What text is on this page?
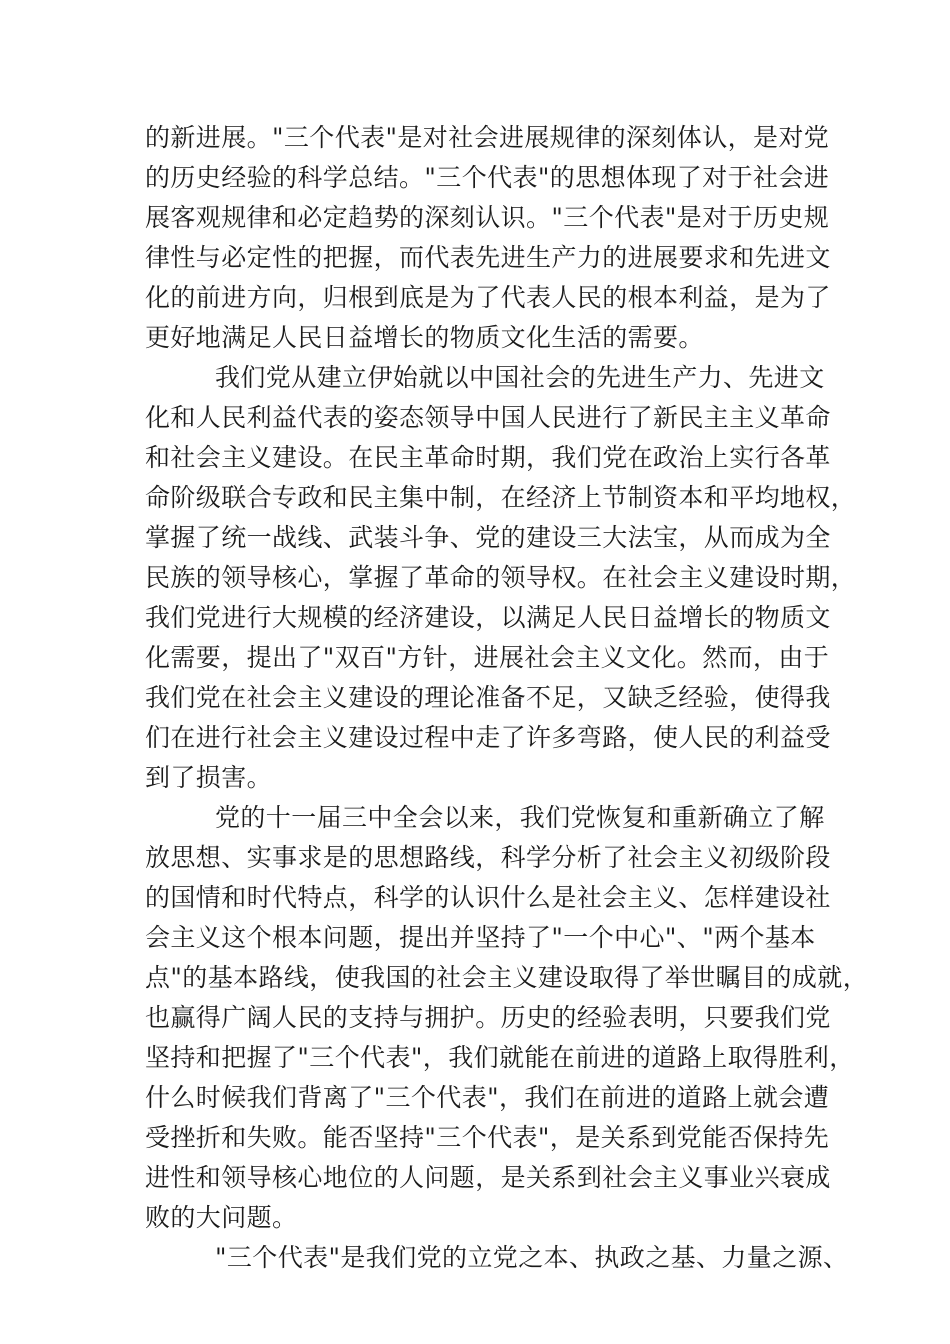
的新进展。"三个代表"是对社会进展规律的深刻体认，是对党
的历史经验的科学总结。"三个代表"的思想体现了对于社会进
展客观规律和必定趋势的深刻认识。"三个代表"是对于历史规
律性与必定性的把握，而代表先进生产力的进展要求和先进文
化的前进方向，归根到底是为了代表人民的根本利益，是为了
更好地满足人民日益增长的物质文化生活的需要。
我们党从建立伊始就以中国社会的先进生产力、先进文
化和人民利益代表的姿态领导中国人民进行了新民主主义革命
和社会主义建设。在民主革命时期，我们党在政治上实行各革
命阶级联合专政和民主集中制，在经济上节制资本和平均地权，
掌握了统一战线、武装斗争、党的建设三大法宝，从而成为全
民族的领导核心，掌握了革命的领导权。在社会主义建设时期，
我们党进行大规模的经济建设，以满足人民日益增长的物质文
化需要，提出了"双百"方针，进展社会主义文化。然而，由于
我们党在社会主义建设的理论准备不足，又缺乏经验，使得我
们在进行社会主义建设过程中走了许多弯路，使人民的利益受
到了损害。
党的十一届三中全会以来，我们党恢复和重新确立了解
放思想、实事求是的思想路线，科学分析了社会主义初级阶段
的国情和时代特点，科学的认识什么是社会主义、怎样建设社
会主义这个根本问题，提出并坚持了"一个中心"、"两个基本
点"的基本路线，使我国的社会主义建设取得了举世瞩目的成就，
也赢得广阔人民的支持与拥护。历史的经验表明，只要我们党
坚持和把握了"三个代表"，我们就能在前进的道路上取得胜利，
什么时候我们背离了"三个代表"，我们在前进的道路上就会遭
受挫折和失败。能否坚持"三个代表"，是关系到党能否保持先
进性和领导核心地位的人问题，是关系到社会主义事业兴衰成
败的大问题。
"三个代表"是我们党的立党之本、执政之基、力量之源、
